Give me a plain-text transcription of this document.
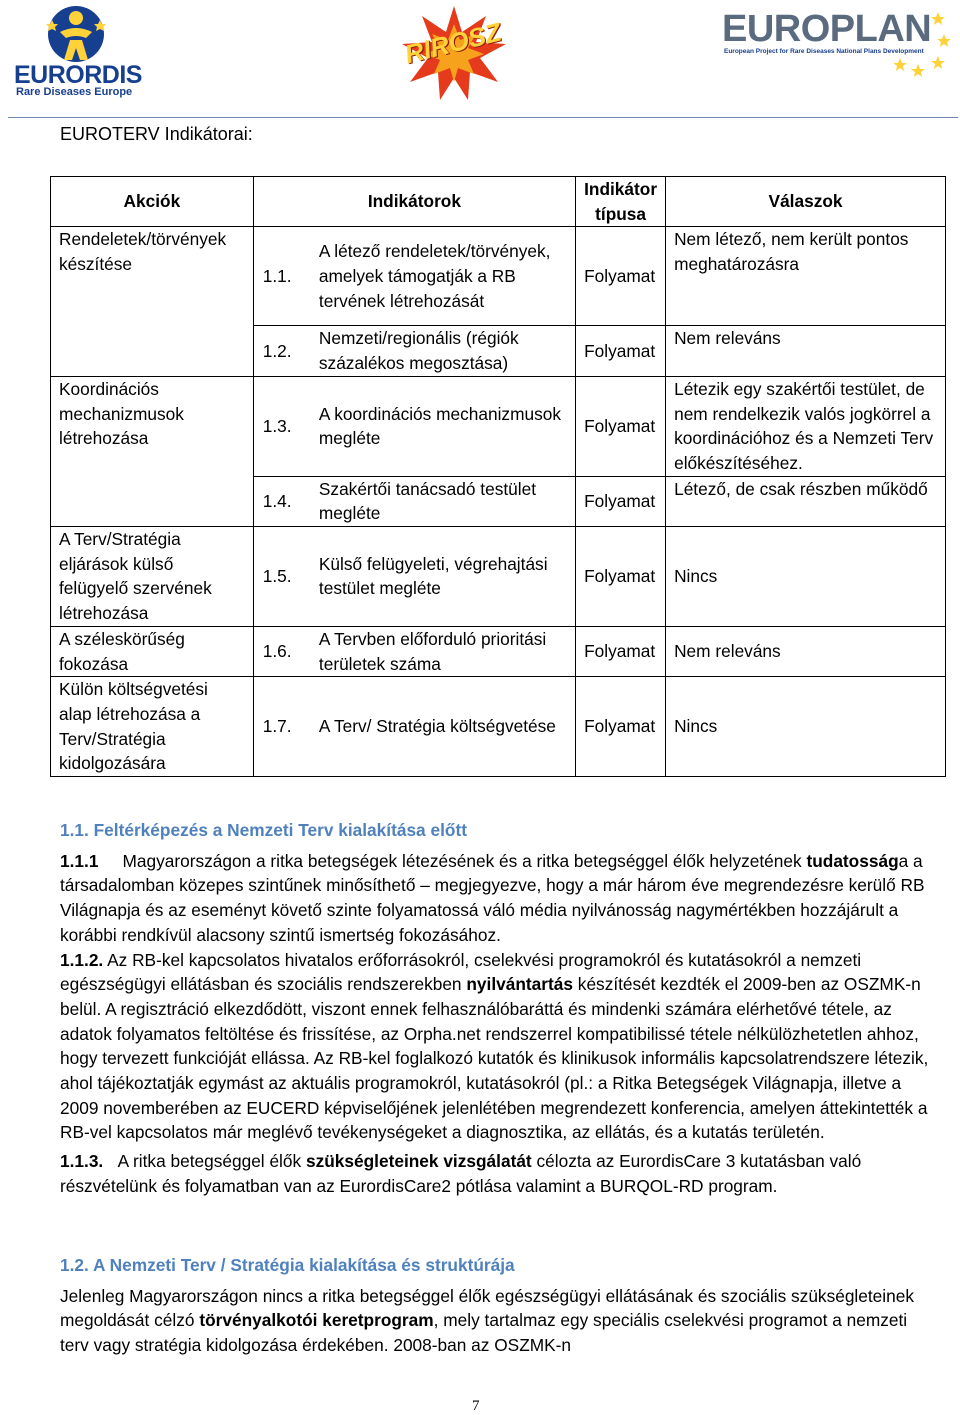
EURORDIS
Rare Diseases Europe
RIROSZ	EUROPLAN
European Project for Rare Diseases National Plans Development
EUROTERV Indikátorai:
Akciók	Indikátorok		Indikátor típusa	Válaszok
Rendeletek/törvények készítése	1.1.	A létező rendeletek/törvények, amelyek támogatják a RB tervének létrehozását	Folyamat	Nem létező, nem került pontos meghatározásra
	1.2.	Nemzeti/regionális (régiók százalékos megosztása)	Folyamat	Nem releváns
Koordinációs mechanizmusok létrehozása	1.3.	A koordinációs mechanizmusok megléte	Folyamat	Létezik egy szakértői testület, de nem rendelkezik valós jogkörrel a koordinációhoz és a Nemzeti Terv előkészítéséhez.
	1.4.	Szakértői tanácsadó testület megléte	Folyamat	Létező, de csak részben működő
A Terv/Stratégia eljárások külső felügyelő szervének létrehozása	1.5.	Külső felügyeleti, végrehajtási testület megléte	Folyamat	Nincs
A széleskörűség fokozása	1.6.	A Tervben előforduló prioritási területek száma	Folyamat	Nem releváns
Külön költségvetési alap létrehozása a Terv/Stratégia kidolgozására	1.7.	A Terv/ Stratégia költségvetése	Folyamat	Nincs
1.1. Feltérképezés a Nemzeti Terv kialakítása előtt

1.1.1 Magyarországon a ritka betegségek létezésének és a ritka betegséggel élők helyzetének tudatossága a társadalomban közepes szintűnek minősíthető – megjegyezve, hogy a már három éve megrendezésre kerülő RB Világnapja és az eseményt követő szinte folyamatossá váló média nyilvánosság nagymértékben hozzájárult a korábbi rendkívül alacsony szintű ismertség fokozásához.

1.1.2. Az RB-kel kapcsolatos hivatalos erőforrásokról, cselekvési programokról és kutatásokról a nemzeti egészségügyi ellátásban és szociális rendszerekben nyilvántartás készítését kezdték el 2009-ben az OSZMK-n belül. A regisztráció elkezdődött, viszont ennek felhasználóbaráttá és mindenki számára elérhetővé tétele, az adatok folyamatos feltöltése és frissítése, az Orpha.net rendszerrel kompatibilissé tétele nélkülözhetetlen ahhoz, hogy tervezett funkcióját ellássa. Az RB-kel foglalkozó kutatók és klinikusok informális kapcsolatrendszere létezik, ahol tájékoztatják egymást az aktuális programokról, kutatásokról (pl.: a Ritka Betegségek Világnapja, illetve a 2009 novemberében az EUCERD képviselőjének jelenlétében megrendezett konferencia, amelyen áttekintették a RB-vel kapcsolatos már meglévő tevékenységeket a diagnosztika, az ellátás, és a kutatás területén.

1.1.3. A ritka betegséggel élők szükségleteinek vizsgálatát célozta az EurordisCare 3 kutatásban való részvételünk és folyamatban van az EurordisCare2 pótlása valamint a BURQOL-RD program.

1.2. A Nemzeti Terv / Stratégia kialakítása és struktúrája

Jelenleg Magyarországon nincs a ritka betegséggel élők egészségügyi ellátásának és szociális szükségleteinek megoldását célzó törvényalkotói keretprogram, mely tartalmaz egy speciális cselekvési programot a nemzeti terv vagy stratégia kidolgozása érdekében. 2008-ban az OSZMK-n

7
